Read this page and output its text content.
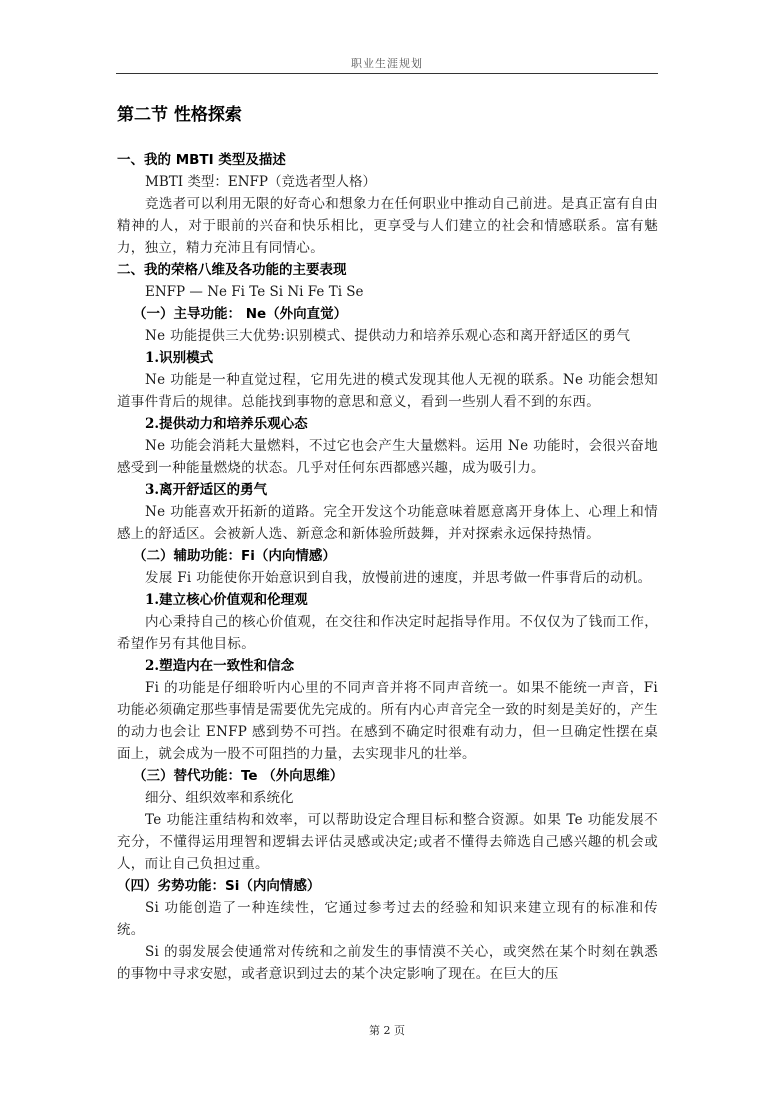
职业生涯规划
第二节 性格探索
一、我的 MBTI 类型及描述
MBTI 类型：ENFP（竞选者型人格）
竞选者可以利用无限的好奇心和想象力在任何职业中推动自己前进。是真正富有自由精神的人，对于眼前的兴奋和快乐相比，更享受与人们建立的社会和情感联系。富有魅力，独立，精力充沛且有同情心。
二、我的荣格八维及各功能的主要表现
ENFP — Ne Fi Te Si Ni Fe Ti Se
（一）主导功能： Ne（外向直觉）
Ne 功能提供三大优势:识别模式、提供动力和培养乐观心态和离开舒适区的勇气
1.识别模式
Ne 功能是一种直觉过程，它用先进的模式发现其他人无视的联系。Ne 功能会想知道事件背后的规律。总能找到事物的意思和意义，看到一些别人看不到的东西。
2.提供动力和培养乐观心态
Ne 功能会消耗大量燃料，不过它也会产生大量燃料。运用 Ne 功能时，会很兴奋地感受到一种能量燃烧的状态。几乎对任何东西都感兴趣，成为吸引力。
3.离开舒适区的勇气
Ne 功能喜欢开拓新的道路。完全开发这个功能意味着愿意离开身体上、心理上和情感上的舒适区。会被新人选、新意念和新体验所鼓舞，并对探索永远保持热情。
（二）辅助功能：Fi（内向情感）
发展 Fi 功能使你开始意识到自我，放慢前进的速度，并思考做一件事背后的动机。
1.建立核心价值观和伦理观
内心秉持自己的核心价值观，在交往和作决定时起指导作用。不仅仅为了钱而工作，希望作另有其他目标。
2.塑造内在一致性和信念
Fi 的功能是仔细聆听内心里的不同声音并将不同声音统一。如果不能统一声音，Fi 功能必须确定那些事情是需要优先完成的。所有内心声音完全一致的时刻是美好的，产生的动力也会让 ENFP 感到势不可挡。在感到不确定时很难有动力，但一旦确定性摆在桌面上，就会成为一股不可阻挡的力量，去实现非凡的壮举。
（三）替代功能：Te （外向思维）
细分、组织效率和系统化
Te 功能注重结构和效率，可以帮助设定合理目标和整合资源。如果 Te 功能发展不充分，不懂得运用理智和逻辑去评估灵感或决定;或者不懂得去筛选自己感兴趣的机会或人，而让自己负担过重。
（四）劣势功能：Si（内向情感）
Si 功能创造了一种连续性，它通过参考过去的经验和知识来建立现有的标准和传统。
Si 的弱发展会使通常对传统和之前发生的事情漠不关心，或突然在某个时刻在孰悉的事物中寻求安慰，或者意识到过去的某个决定影响了现在。在巨大的压
第 2 页
